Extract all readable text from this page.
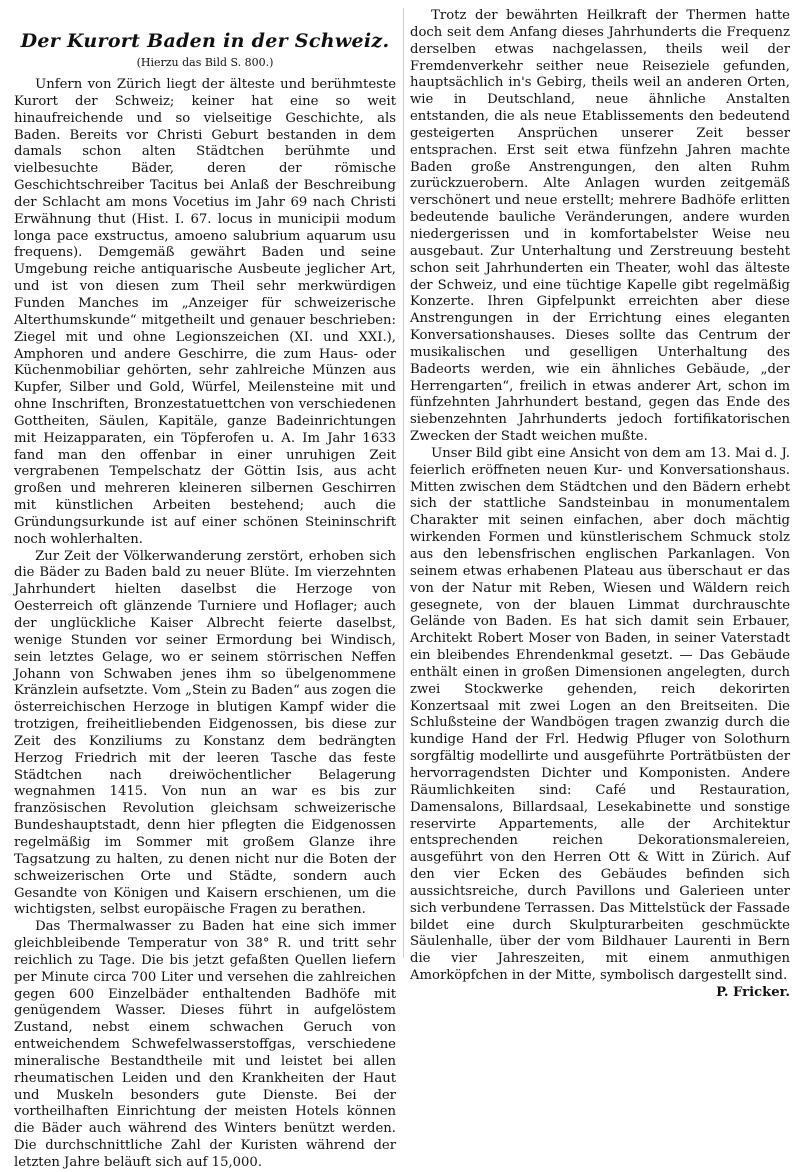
Der Kurort Baden in der Schweiz.
(Hierzu das Bild S. 800.)

Unfern von Zürich liegt der älteste und berühmteste Kurort der Schweiz; keiner hat eine so weit hinaufreichende und so vielseitige Geschichte, als Baden. Bereits vor Christi Geburt bestanden in dem damals schon alten Städtchen berühmte und vielbesuchte Bäder, deren der römische Geschichtschreiber Tacitus bei Anlaß der Beschreibung der Schlacht am mons Vocetius im Jahr 69 nach Christi Erwähnung thut (Hist. I. 67. locus in municipii modum longa pace exstructus, amoeno salubrium aquarum usu frequens). Demgemäß gewährt Baden und seine Umgebung reiche antiquarische Ausbeute jeglicher Art, und ist von diesen zum Theil sehr merkwürdigen Funden Manches im „Anzeiger für schweizerische Alterthumskunde“ mitgetheilt und genauer beschrieben: Ziegel mit und ohne Legionszeichen (XI. und XXI.), Amphoren und andere Geschirre, die zum Haus- oder Küchenmobiliar gehörten, sehr zahlreiche Münzen aus Kupfer, Silber und Gold, Würfel, Meilensteine mit und ohne Inschriften, Bronzestatuettchen von verschiedenen Gottheiten, Säulen, Kapitäle, ganze Badeinrichtungen mit Heizapparaten, ein Töpferofen u. A. Im Jahr 1633 fand man den offenbar in einer unruhigen Zeit vergrabenen Tempelschatz der Göttin Isis, aus acht großen und mehreren kleineren silbernen Geschirren mit künstlichen Arbeiten bestehend; auch die Gründungsurkunde ist auf einer schönen Steininschrift noch wohlerhalten.

Zur Zeit der Völkerwanderung zerstört, erhoben sich die Bäder zu Baden bald zu neuer Blüte. Im vierzehnten Jahrhundert hielten daselbst die Herzoge von Oesterreich oft glänzende Turniere und Hoflager; auch der unglückliche Kaiser Albrecht feierte daselbst, wenige Stunden vor seiner Ermordung bei Windisch, sein letztes Gelage, wo er seinem störrischen Neffen Johann von Schwaben jenes ihm so übelgenommene Kränzlein aufsetzte. Vom „Stein zu Baden“ aus zogen die österreichischen Herzoge in blutigen Kampf wider die trotzigen, freiheitliebenden Eidgenossen, bis diese zur Zeit des Konziliums zu Konstanz dem bedrängten Herzog Friedrich mit der leeren Tasche das feste Städtchen nach dreiwöchentlicher Belagerung wegnahmen 1415. Von nun an war es bis zur französischen Revolution gleichsam schweizerische Bundeshauptstadt, denn hier pflegten die Eidgenossen regelmäßig im Sommer mit großem Glanze ihre Tagsatzung zu halten, zu denen nicht nur die Boten der schweizerischen Orte und Städte, sondern auch Gesandte von Königen und Kaisern erschienen, um die wichtigsten, selbst europäische Fragen zu berathen.

Das Thermalwasser zu Baden hat eine sich immer gleichbleibende Temperatur von 38° R. und tritt sehr reichlich zu Tage. Die bis jetzt gefaßten Quellen liefern per Minute circa 700 Liter und versehen die zahlreichen gegen 600 Einzelbäder enthaltenden Badhöfe mit genügendem Wasser. Dieses führt in aufgelöstem Zustand, nebst einem schwachen Geruch von entweichendem Schwefelwasserstoffgas, verschiedene mineralische Bestandtheile mit und leistet bei allen rheumatischen Leiden und den Krankheiten der Haut und Muskeln besonders gute Dienste. Bei der vortheilhaften Einrichtung der meisten Hotels können die Bäder auch während des Winters benützt werden. Die durchschnittliche Zahl der Kuristen während der letzten Jahre beläuft sich auf 15,000.

Trotz der bewährten Heilkraft der Thermen hatte doch seit dem Anfang dieses Jahrhunderts die Frequenz derselben etwas nachgelassen, theils weil der Fremdenverkehr seither neue Reiseziele gefunden, hauptsächlich in's Gebirg, theils weil an anderen Orten, wie in Deutschland, neue ähnliche Anstalten entstanden, die als neue Etablissements den bedeutend gesteigerten Ansprüchen unserer Zeit besser entsprachen. Erst seit etwa fünfzehn Jahren machte Baden große Anstrengungen, den alten Ruhm zurückzuerobern. Alte Anlagen wurden zeitgemäß verschönert und neue erstellt; mehrere Badhöfe erlitten bedeutende bauliche Veränderungen, andere wurden niedergerissen und in komfortabelster Weise neu ausgebaut. Zur Unterhaltung und Zerstreuung besteht schon seit Jahrhunderten ein Theater, wohl das älteste der Schweiz, und eine tüchtige Kapelle gibt regelmäßig Konzerte. Ihren Gipfelpunkt erreichten aber diese Anstrengungen in der Errichtung eines eleganten Konversationshauses. Dieses sollte das Centrum der musikalischen und geselligen Unterhaltung des Badeorts werden, wie ein ähnliches Gebäude, „der Herrengarten“, freilich in etwas anderer Art, schon im fünfzehnten Jahrhundert bestand, gegen das Ende des siebenzehnten Jahrhunderts jedoch fortifikatorischen Zwecken der Stadt weichen mußte.

Unser Bild gibt eine Ansicht von dem am 13. Mai d. J. feierlich eröffneten neuen Kur- und Konversationshaus. Mitten zwischen dem Städtchen und den Bädern erhebt sich der stattliche Sandsteinbau in monumentalem Charakter mit seinen einfachen, aber doch mächtig wirkenden Formen und künstlerischem Schmuck stolz aus den lebensfrischen englischen Parkanlagen. Von seinem etwas erhabenen Plateau aus überschaut er das von der Natur mit Reben, Wiesen und Wäldern reich gesegnete, von der blauen Limmat durchrauschte Gelände von Baden. Es hat sich damit sein Erbauer, Architekt Robert Moser von Baden, in seiner Vaterstadt ein bleibendes Ehrendenkmal gesetzt. — Das Gebäude enthält einen in großen Dimensionen angelegten, durch zwei Stockwerke gehenden, reich dekorirten Konzertsaal mit zwei Logen an den Breitseiten. Die Schlußsteine der Wandbögen tragen zwanzig durch die kundige Hand der Frl. Hedwig Pfluger von Solothurn sorgfältig modellirte und ausgeführte Porträtbüsten der hervorragendsten Dichter und Komponisten. Andere Räumlichkeiten sind: Café und Restauration, Damensalons, Billardsaal, Lesekabinette und sonstige reservirte Appartements, alle der Architektur entsprechenden reichen Dekorationsmalereien, ausgeführt von den Herren Ott & Witt in Zürich. Auf den vier Ecken des Gebäudes befinden sich aussichtsreiche, durch Pavillons und Galerieen unter sich verbundene Terrassen. Das Mittelstück der Fassade bildet eine durch Skulpturarbeiten geschmückte Säulenhalle, über der vom Bildhauer Laurenti in Bern die vier Jahreszeiten, mit einem anmuthigen Amorköpfchen in der Mitte, symbolisch dargestellt sind.
P. Fricker.
